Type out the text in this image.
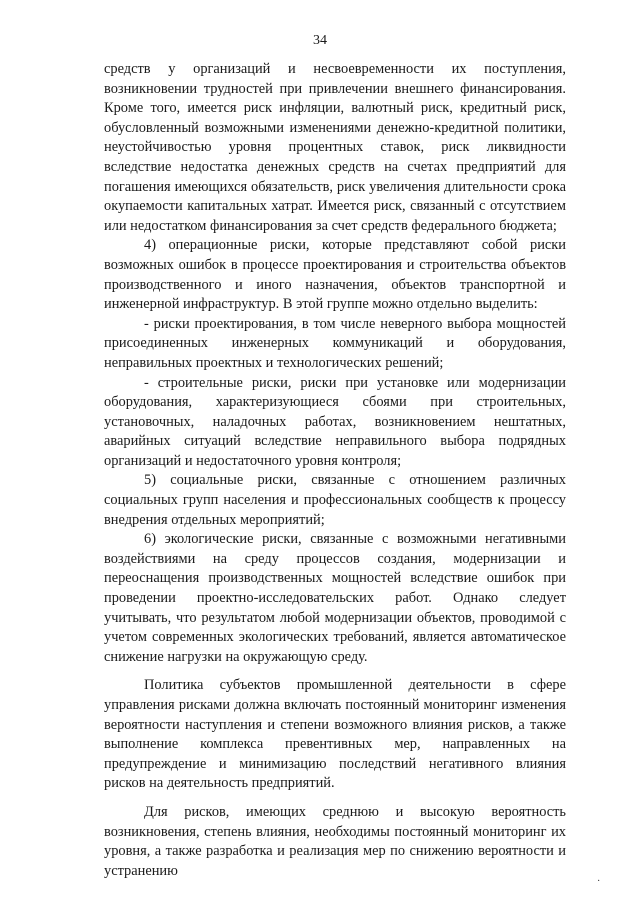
34

средств у организаций и несвоевременности их поступления, возникновении трудностей при привлечении внешнего финансирования. Кроме того, имеется риск инфляции, валютный риск, кредитный риск, обусловленный возможными изменениями денежно-кредитной политики, неустойчивостью уровня процентных ставок, риск ликвидности вследствие недостатка денежных средств на счетах предприятий для погашения имеющихся обязательств, риск увеличения длительности срока окупаемости капитальных хатрат. Имеется риск, связанный с отсутствием или недостатком финансирования за счет средств федерального бюджета;

4) операционные риски, которые представляют собой риски возможных ошибок в процессе проектирования и строительства объектов производственного и иного назначения, объектов транспортной и инженерной инфраструктур. В этой группе можно отдельно выделить:

- риски проектирования, в том числе неверного выбора мощностей присоединенных инженерных коммуникаций и оборудования, неправильных проектных и технологических решений;

- строительные риски, риски при установке или модернизации оборудования, характеризующиеся сбоями при строительных, установочных, наладочных работах, возникновением нештатных, аварийных ситуаций вследствие неправильного выбора подрядных организаций и недостаточного уровня контроля;

5) социальные риски, связанные с отношением различных социальных групп населения и профессиональных сообществ к процессу внедрения отдельных мероприятий;

6) экологические риски, связанные с возможными негативными воздействиями на среду процессов создания, модернизации и переоснащения производственных мощностей вследствие ошибок при проведении проектно-исследовательских работ. Однако следует учитывать, что результатом любой модернизации объектов, проводимой с учетом современных экологических требований, является автоматическое снижение нагрузки на окружающую среду.

Политика субъектов промышленной деятельности в сфере управления рисками должна включать постоянный мониторинг изменения вероятности наступления и степени возможного влияния рисков, а также выполнение комплекса превентивных мер, направленных на предупреждение и минимизацию последствий негативного влияния рисков на деятельность предприятий.

Для рисков, имеющих среднюю и высокую вероятность возникновения, степень влияния, необходимы постоянный мониторинг их уровня, а также разработка и реализация мер по снижению вероятности и устранению

·
